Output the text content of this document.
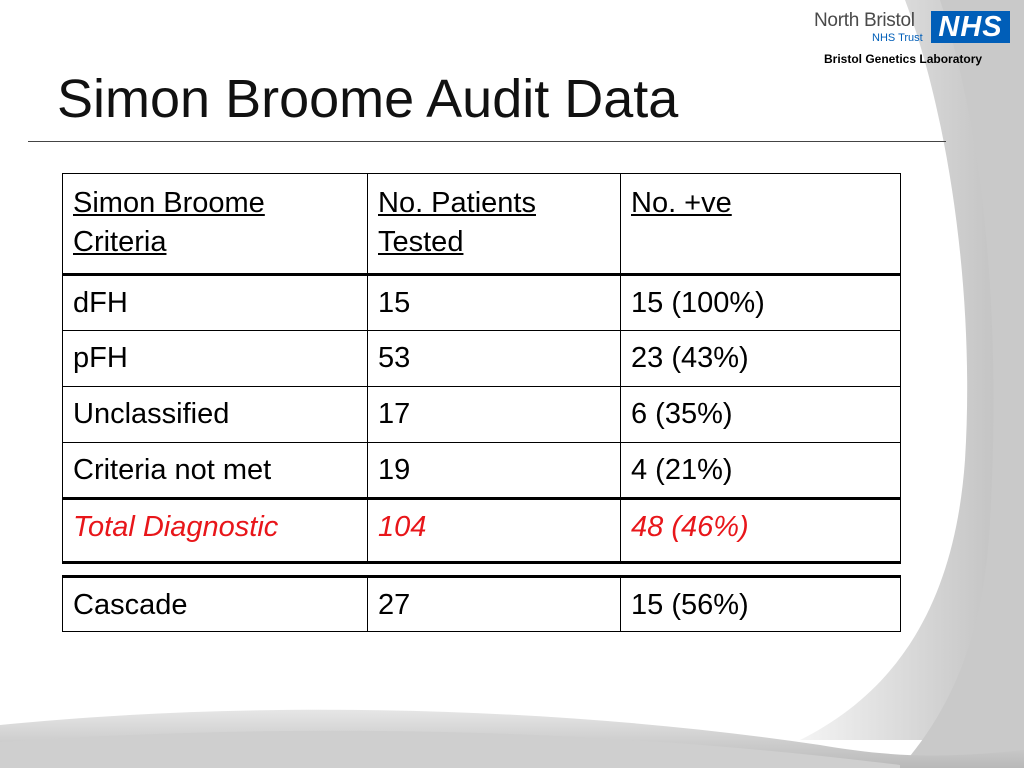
North Bristol
NHS Trust NHS
Bristol Genetics Laboratory
Simon Broome Audit Data
Simon Broome Criteria	No. Patients Tested	No. +ve
dFH	15	15 (100%)
pFH	53	23 (43%)
Unclassified	17	6 (35%)
Criteria not met	19	4 (21%)
Total Diagnostic	104	48 (46%)
Cascade	27	15 (56%)
